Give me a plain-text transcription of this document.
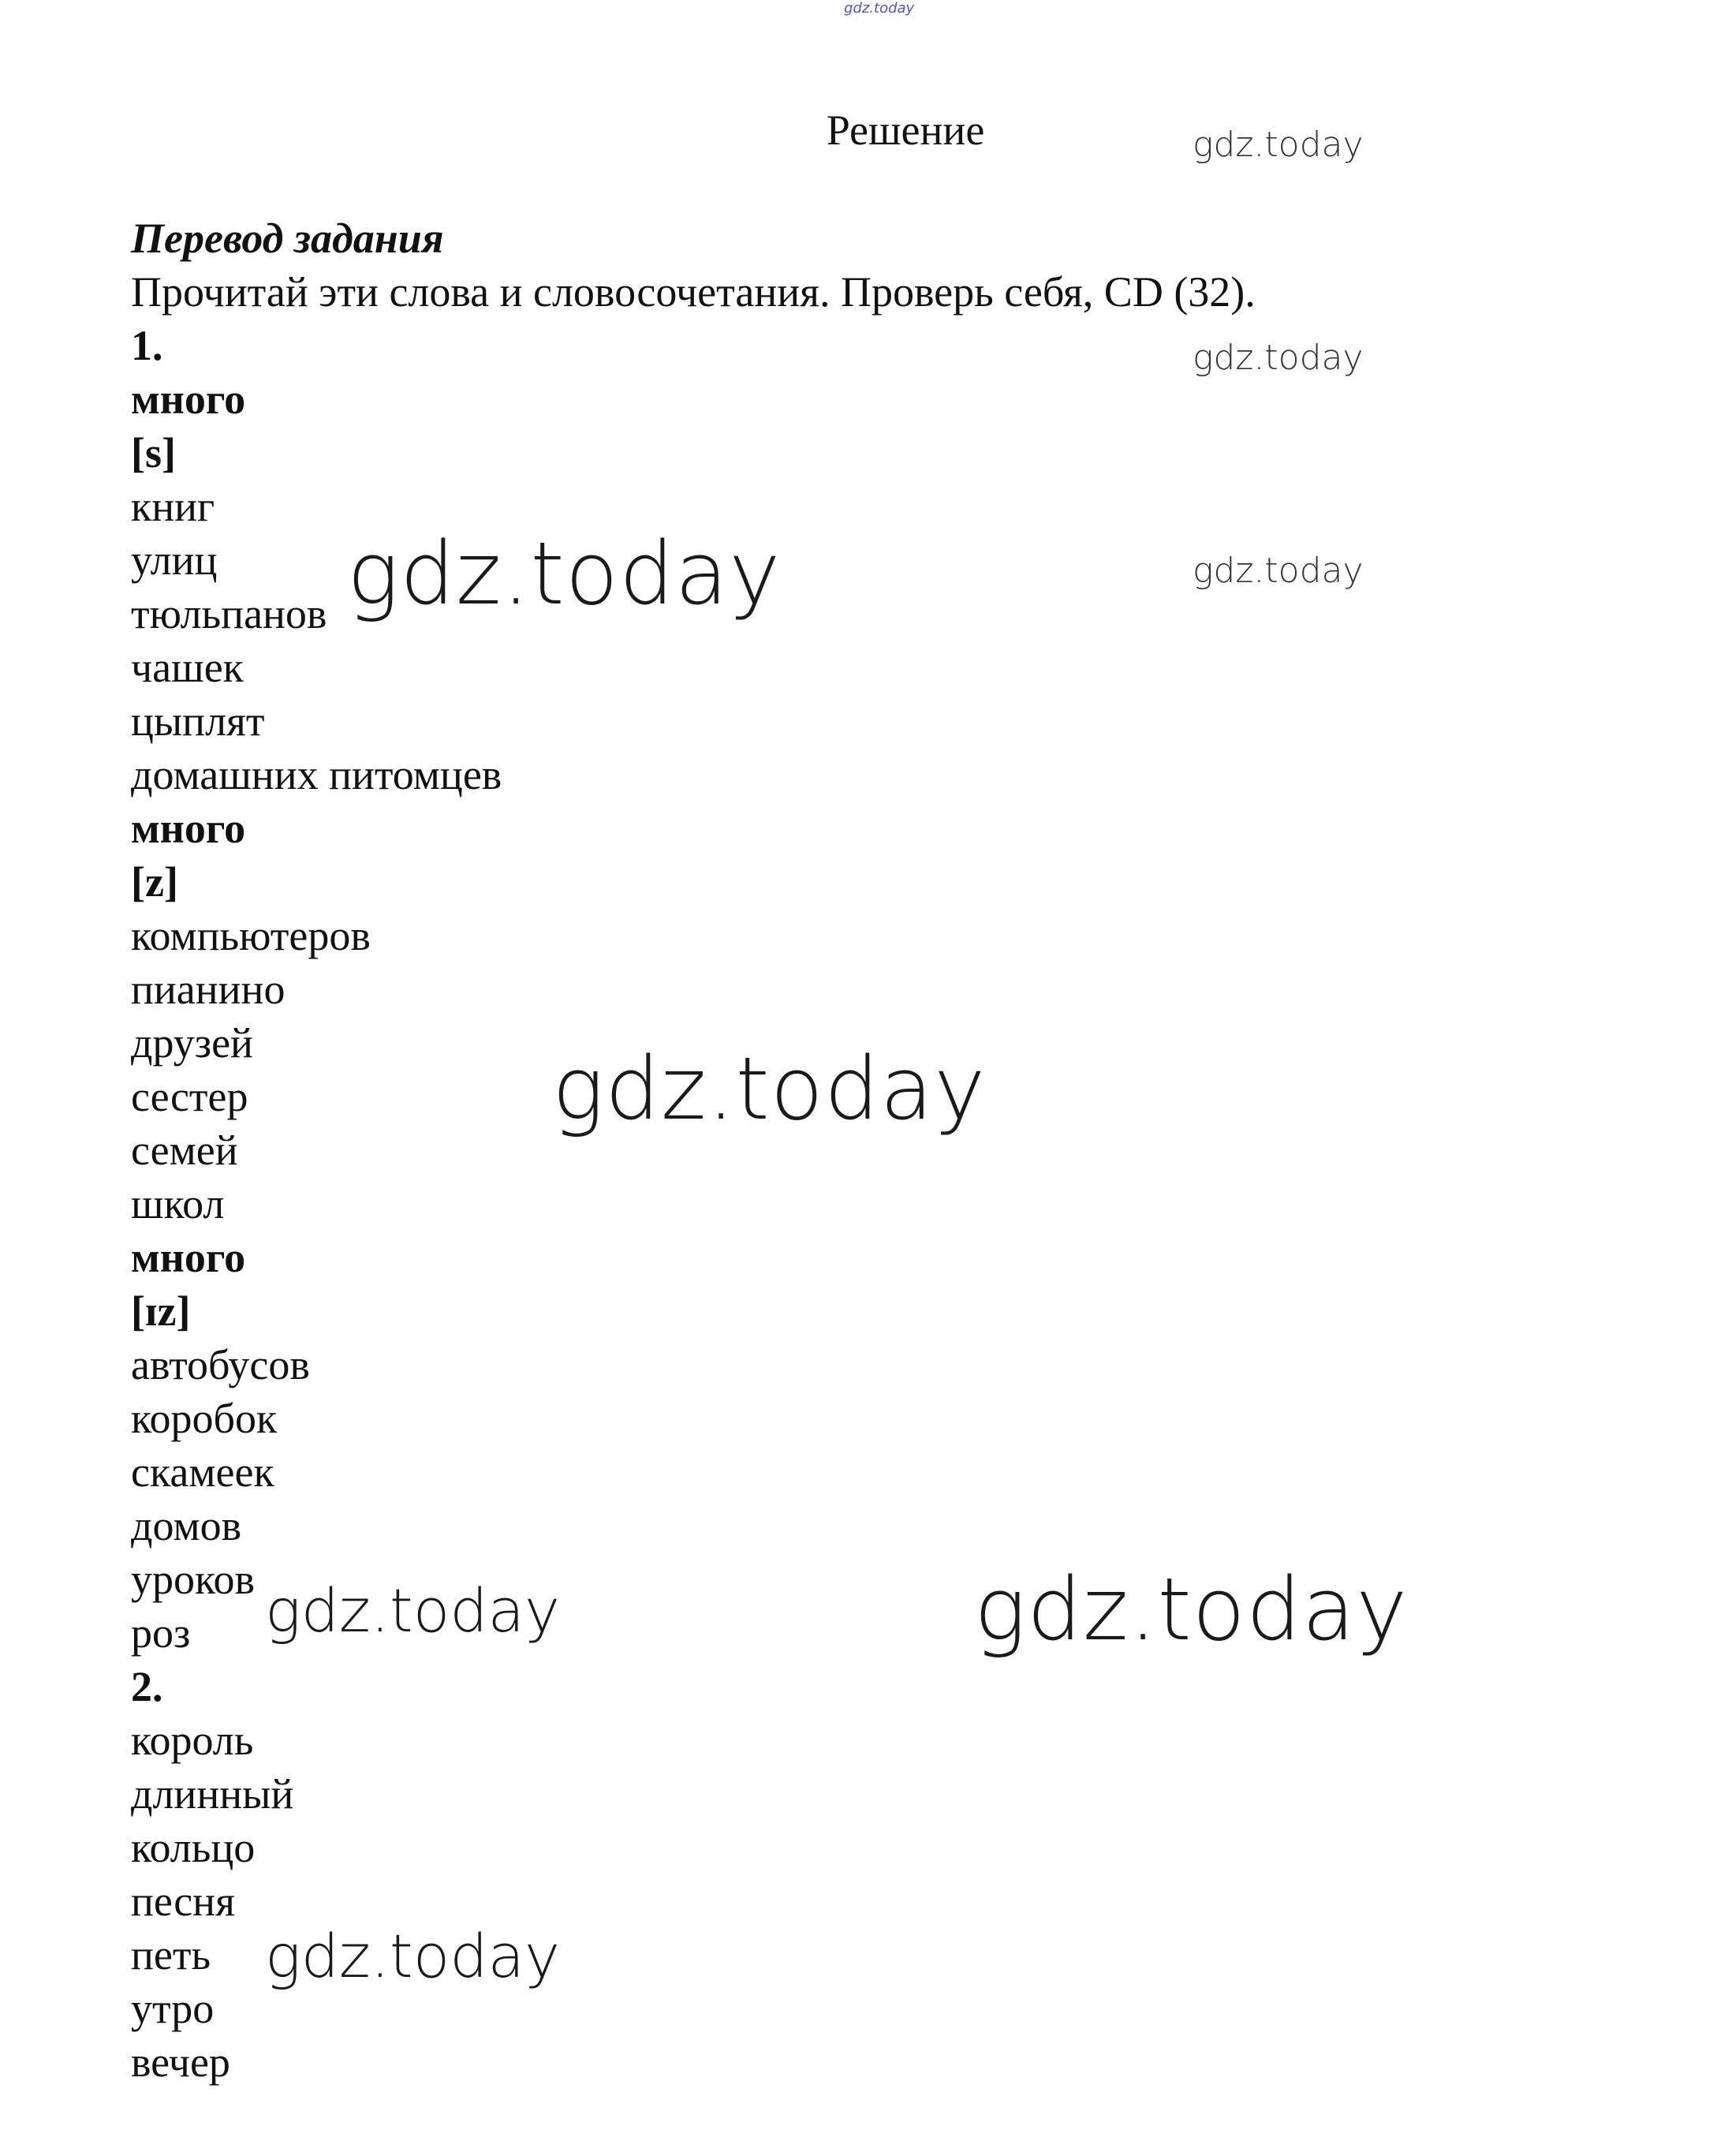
gdz.today
Решение
Перевод задания
Прочитай эти слова и словосочетания. Проверь себя, CD (32).
1.
много
[s]
книг
улиц
тюльпанов
чашек
цыплят
домашних питомцев
много
[z]
компьютеров
пианино
друзей
сестер
семей
школ
много
[ɪz]
автобусов
коробок
скамеек
домов
уроков
роз
2.
король
длинный
кольцо
песня
петь
утро
вечер
gdz.today
gdz.today
gdz.today
gdz.today
gdz.today
gdz.today	gdz.today
gdz.today
